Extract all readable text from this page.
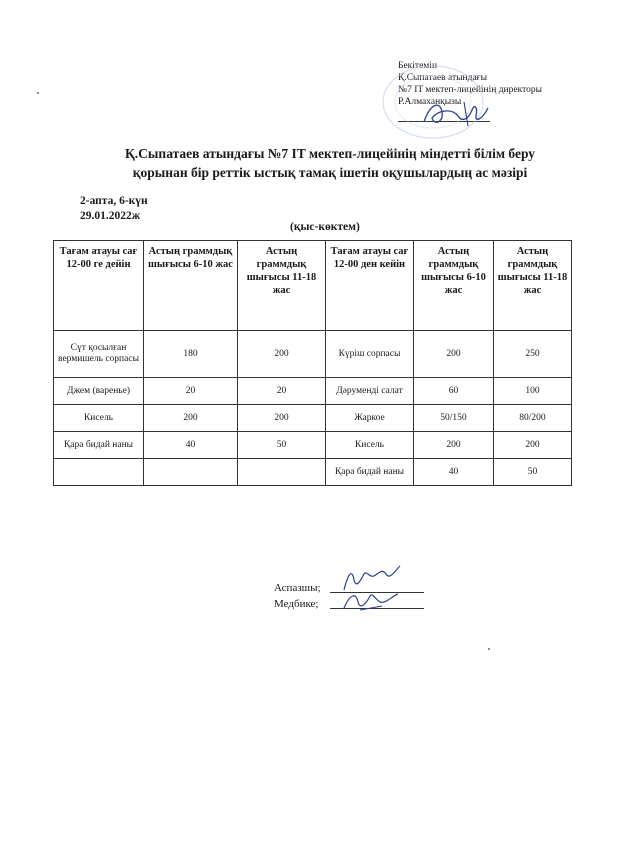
Бекітемін
Қ.Сыпатаев атындағы
№7 IT мектеп-лицейінің директоры
Р.Алмаханқызы
Қ.Сыпатаев атындағы №7 IT мектеп-лицейінің міндетті білім беру
қорынан бір реттік ыстық тамақ ішетін оқушылардың ас мәзірі
2-апта, 6-күн
29.01.2022ж
(қыс-көктем)
Тағам атауы сағ 12-00 ге дейін	Астың граммдық шығысы 6-10 жас	Астың граммдық шығысы 11-18 жас	Тағам атауы сағ 12-00 ден кейін	Астың граммдық шығысы 6-10 жас	Астың граммдық шығысы 11-18 жас
Сүт қосылған вермишель сорпасы	180	200	Күріш сорпасы	200	250
Джем (варенье)	20	20	Дәруменді салат	60	100
Кисель	200	200	Жаркое	50/150	80/200
Қара бидай наны	40	50	Кисель	200	200
			Қара бидай наны	40	50
Аспазшы;
Медбике;
